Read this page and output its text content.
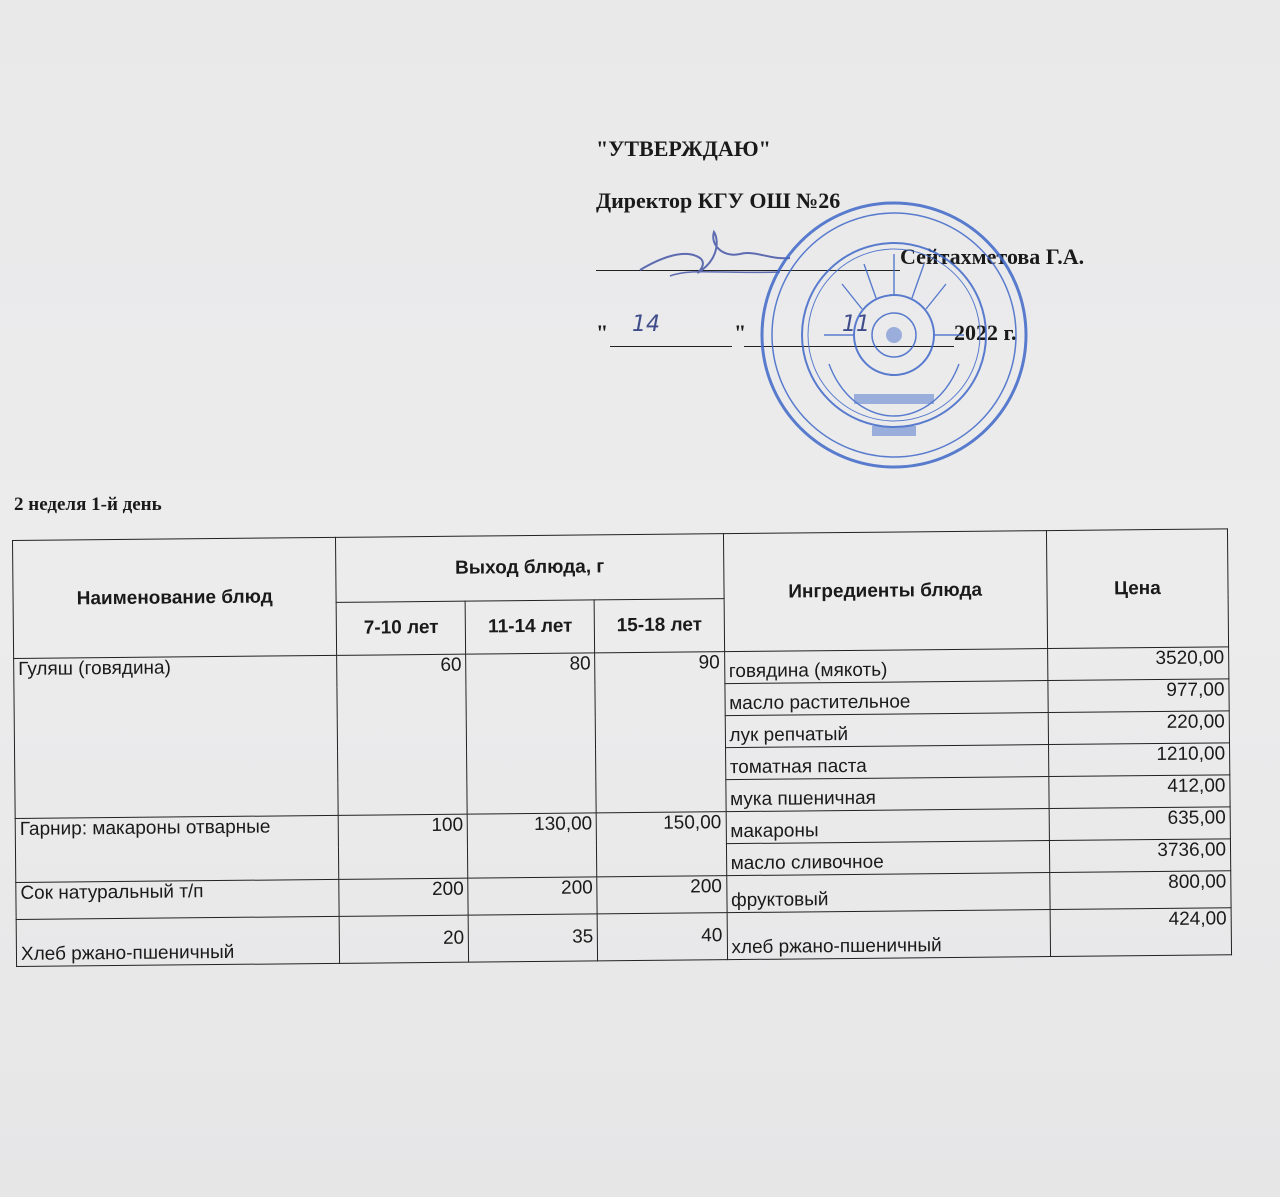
"УТВЕРЖДАЮ"
Директор КГУ ОШ №26
Сейтахметова Г.А.
" 14	"	11	2022 г.
2 неделя 1-й день
Наименование блюд	Выход блюда, г			Ингредиенты блюда	Цена
	7-10 лет	11-14 лет	15-18 лет		
Гуляш (говядина)	60	80	90	говядина (мякоть)	3520,00
				масло растительное	977,00
				лук репчатый	220,00
				томатная паста	1210,00
				мука пшеничная	412,00
Гарнир: макароны отварные	100	130,00	150,00	макароны	635,00
				масло сливочное	3736,00
Сок натуральный т/п	200	200	200	фруктовый	800,00
Хлеб ржано-пшеничный	20	35	40	хлеб ржано-пшеничный	424,00
